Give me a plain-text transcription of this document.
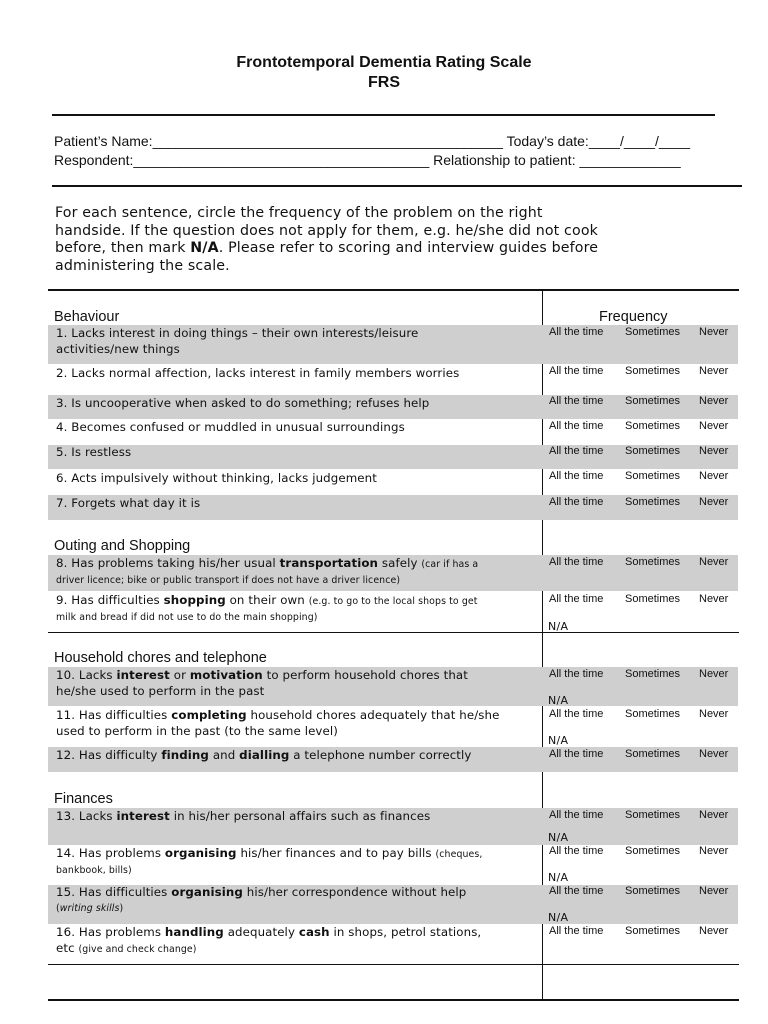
Frontotemporal Dementia Rating Scale
FRS
Patient’s Name:_____________________________________________ Today’s date:____/____/____
Respondent:______________________________________ Relationship to patient: _____________
For each sentence, circle the frequency of the problem on the right
handside. If the question does not apply for them, e.g. he/she did not cook
before, then mark N/A. Please refer to scoring and interview guides before
administering the scale.
Behaviour	Frequency
Outing and Shopping
Household chores and telephone
Finances
1. Lacks interest in doing things – their own interests/leisure
activities/new things
2. Lacks normal affection, lacks interest in family members worries
3. Is uncooperative when asked to do something; refuses help
4. Becomes confused or muddled in unusual surroundings
5. Is restless
6. Acts impulsively without thinking, lacks judgement
7. Forgets what day it is
8. Has problems taking his/her usual transportation safely (car if has a
driver licence; bike or public transport if does not have a driver licence)
9. Has difficulties shopping on their own (e.g. to go to the local shops to get
milk and bread if did not use to do the main shopping)
10. Lacks interest or motivation to perform household chores that
he/she used to perform in the past
11. Has difficulties completing household chores adequately that he/she
used to perform in the past (to the same level)
12. Has difficulty finding and dialling a telephone number correctly
13. Lacks interest in his/her personal affairs such as finances
14. Has problems organising his/her finances and to pay bills (cheques,
bankbook, bills)
15. Has difficulties organising his/her correspondence without help
(writing skills)
16. Has problems handling adequately cash in shops, petrol stations,
etc (give and check change)
All the time Sometimes Never
All the time Sometimes Never
All the time Sometimes Never
All the time Sometimes Never
All the time Sometimes Never
All the time Sometimes Never
All the time Sometimes Never
All the time Sometimes Never
All the time Sometimes Never
All the time Sometimes Never
All the time Sometimes Never
All the time Sometimes Never
All the time Sometimes Never
All the time Sometimes Never
All the time Sometimes Never
All the time Sometimes Never
N/A
N/A
N/A
N/A
N/A
N/A
